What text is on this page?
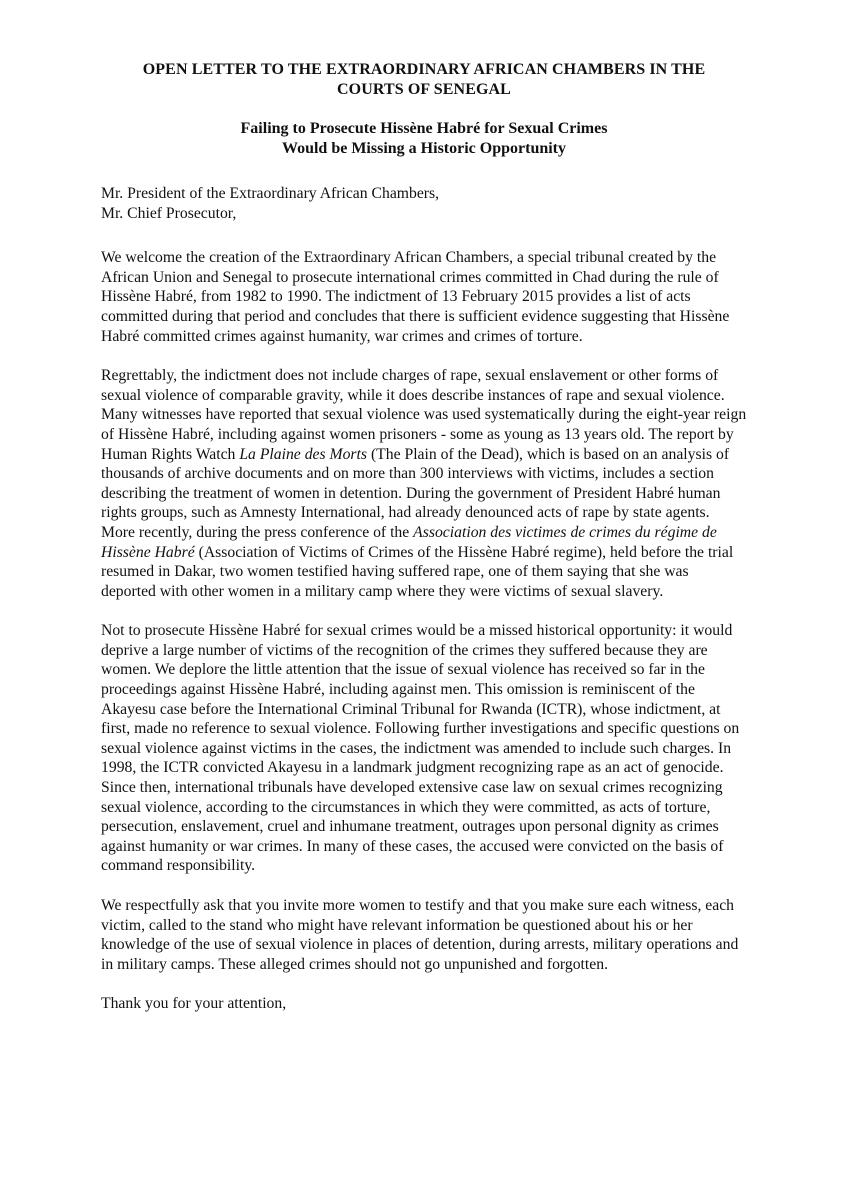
OPEN LETTER TO THE EXTRAORDINARY AFRICAN CHAMBERS IN THE
COURTS OF SENEGAL
Failing to Prosecute Hissène Habré for Sexual Crimes
Would be Missing a Historic Opportunity
Mr. President of the Extraordinary African Chambers,
Mr. Chief Prosecutor,

We welcome the creation of the Extraordinary African Chambers, a special tribunal created by the African Union and Senegal to prosecute international crimes committed in Chad during the rule of Hissène Habré, from 1982 to 1990. The indictment of 13 February 2015 provides a list of acts committed during that period and concludes that there is sufficient evidence suggesting that Hissène Habré committed crimes against humanity, war crimes and crimes of torture.

Regrettably, the indictment does not include charges of rape, sexual enslavement or other forms of sexual violence of comparable gravity, while it does describe instances of rape and sexual violence. Many witnesses have reported that sexual violence was used systematically during the eight-year reign of Hissène Habré, including against women prisoners - some as young as 13 years old. The report by Human Rights Watch La Plaine des Morts (The Plain of the Dead), which is based on an analysis of thousands of archive documents and on more than 300 interviews with victims, includes a section describing the treatment of women in detention. During the government of President Habré human rights groups, such as Amnesty International, had already denounced acts of rape by state agents. More recently, during the press conference of the Association des victimes de crimes du régime de Hissène Habré (Association of Victims of Crimes of the Hissène Habré regime), held before the trial resumed in Dakar, two women testified having suffered rape, one of them saying that she was deported with other women in a military camp where they were victims of sexual slavery.

Not to prosecute Hissène Habré for sexual crimes would be a missed historical opportunity: it would deprive a large number of victims of the recognition of the crimes they suffered because they are women. We deplore the little attention that the issue of sexual violence has received so far in the proceedings against Hissène Habré, including against men. This omission is reminiscent of the Akayesu case before the International Criminal Tribunal for Rwanda (ICTR), whose indictment, at first, made no reference to sexual violence. Following further investigations and specific questions on sexual violence against victims in the cases, the indictment was amended to include such charges. In 1998, the ICTR convicted Akayesu in a landmark judgment recognizing rape as an act of genocide. Since then, international tribunals have developed extensive case law on sexual crimes recognizing sexual violence, according to the circumstances in which they were committed, as acts of torture, persecution, enslavement, cruel and inhumane treatment, outrages upon personal dignity as crimes against humanity or war crimes. In many of these cases, the accused were convicted on the basis of command responsibility.

We respectfully ask that you invite more women to testify and that you make sure each witness, each victim, called to the stand who might have relevant information be questioned about his or her knowledge of the use of sexual violence in places of detention, during arrests, military operations and in military camps. These alleged crimes should not go unpunished and forgotten.

Thank you for your attention,
